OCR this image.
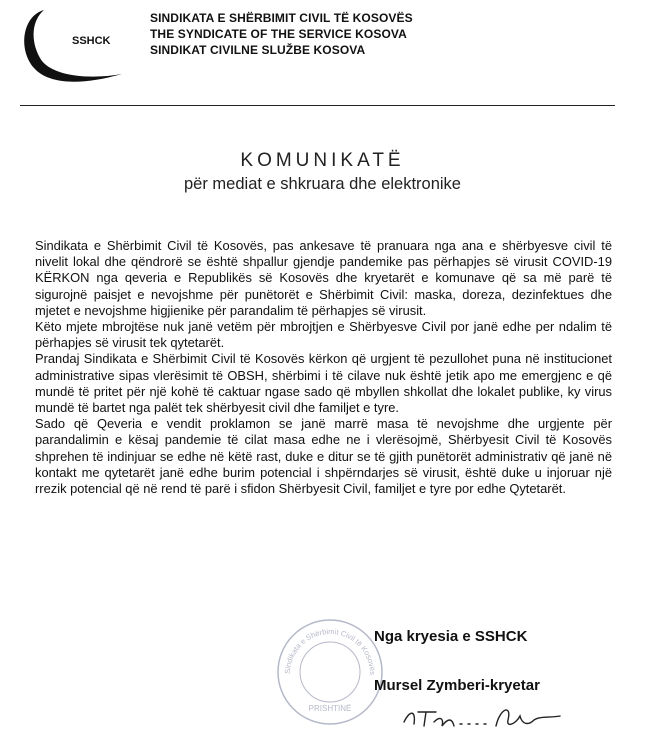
SSHCK
SINDIKATA E SHËRBIMIT CIVIL TË KOSOVËS
THE SYNDICATE OF THE SERVICE KOSOVA
SINDIKAT CIVILNE SLUŽBE KOSOVA
KOMUNIKATË
për mediat e shkruara dhe elektronike

Sindikata e Shërbimit Civil të Kosovës, pas ankesave të pranuara nga ana e shërbyesve civil të nivelit lokal dhe qëndrorë se është shpallur gjendje pandemike pas përhapjes së virusit COVID-19 KËRKON nga qeveria e Republikës së Kosovës dhe kryetarët e komunave që sa më parë të sigurojnë paisjet e nevojshme për punëtorët e Shërbimit Civil: maska, doreza, dezinfektues dhe mjetet e nevojshme higjienike për parandalim të përhapjes së virusit.

Këto mjete mbrojtëse nuk janë vetëm për mbrojtjen e Shërbyesve Civil por janë edhe per ndalim të përhapjes së virusit tek qytetarët.

Prandaj Sindikata e Shërbimit Civil të Kosovës kërkon që urgjent të pezullohet puna në institucionet administrative sipas vlerësimit të OBSH, shërbimi i të cilave nuk është jetik apo me emergjenc e që mundë të pritet për një kohë të caktuar ngase sado që mbyllen shkollat dhe lokalet publike, ky virus mundë të bartet nga palët tek shërbyesit civil dhe familjet e tyre.

Sado që Qeveria e vendit proklamon se janë marrë masa të nevojshme dhe urgjente për parandalimin e kësaj pandemie të cilat masa edhe ne i vlerësojmë, Shërbyesit Civil të Kosovës shprehen të indinjuar se edhe në këtë rast, duke e ditur se të gjith punëtorët administrativ që janë në kontakt me qytetarët janë edhe burim potencial i shpërndarjes së virusit, është duke u injoruar një rrezik potencial që në rend të parë i sfidon Shërbyesit Civil, familjet e tyre por edhe Qytetarët.

Sindikata e Shërbimit Civil të Kosovës
PRISHTINË
Nga kryesia e SSHCK
Mursel Zymberi-kryetar
